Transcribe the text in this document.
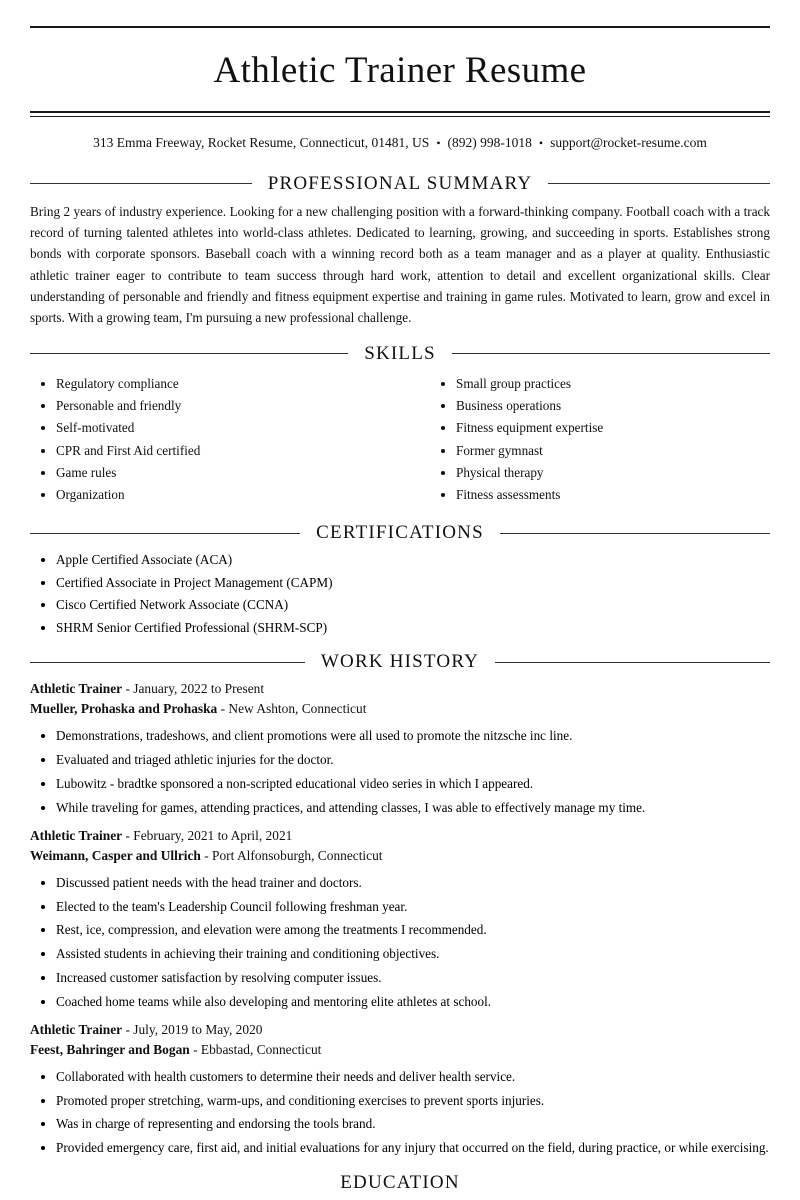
Athletic Trainer Resume
313 Emma Freeway, Rocket Resume, Connecticut, 01481, US • (892) 998-1018 • support@rocket-resume.com
PROFESSIONAL SUMMARY

Bring 2 years of industry experience. Looking for a new challenging position with a forward-thinking company. Football coach with a track record of turning talented athletes into world-class athletes. Dedicated to learning, growing, and succeeding in sports. Establishes strong bonds with corporate sponsors. Baseball coach with a winning record both as a team manager and as a player at quality. Enthusiastic athletic trainer eager to contribute to team success through hard work, attention to detail and excellent organizational skills. Clear understanding of personable and friendly and fitness equipment expertise and training in game rules. Motivated to learn, grow and excel in sports. With a growing team, I'm pursuing a new professional challenge.

SKILLS
• Regulatory compliance
• Personable and friendly
• Self-motivated
• CPR and First Aid certified
• Game rules
• Organization
• Small group practices
• Business operations
• Fitness equipment expertise
• Former gymnast
• Physical therapy
• Fitness assessments
CERTIFICATIONS
• Apple Certified Associate (ACA)
• Certified Associate in Project Management (CAPM)
• Cisco Certified Network Associate (CCNA)
• SHRM Senior Certified Professional (SHRM-SCP)
WORK HISTORY
Athletic Trainer - January, 2022 to Present
Mueller, Prohaska and Prohaska - New Ashton, Connecticut
• Demonstrations, tradeshows, and client promotions were all used to promote the nitzsche inc line.
• Evaluated and triaged athletic injuries for the doctor.
• Lubowitz - bradtke sponsored a non-scripted educational video series in which I appeared.
• While traveling for games, attending practices, and attending classes, I was able to effectively manage my time.
Athletic Trainer - February, 2021 to April, 2021
Weimann, Casper and Ullrich - Port Alfonsoburgh, Connecticut
• Discussed patient needs with the head trainer and doctors.
• Elected to the team's Leadership Council following freshman year.
• Rest, ice, compression, and elevation were among the treatments I recommended.
• Assisted students in achieving their training and conditioning objectives.
• Increased customer satisfaction by resolving computer issues.
• Coached home teams while also developing and mentoring elite athletes at school.
Athletic Trainer - July, 2019 to May, 2020
Feest, Bahringer and Bogan - Ebbastad, Connecticut
• Collaborated with health customers to determine their needs and deliver health service.
• Promoted proper stretching, warm-ups, and conditioning exercises to prevent sports injuries.
• Was in charge of representing and endorsing the tools brand.
• Provided emergency care, first aid, and initial evaluations for any injury that occurred on the field, during practice, or while exercising.
EDUCATION
